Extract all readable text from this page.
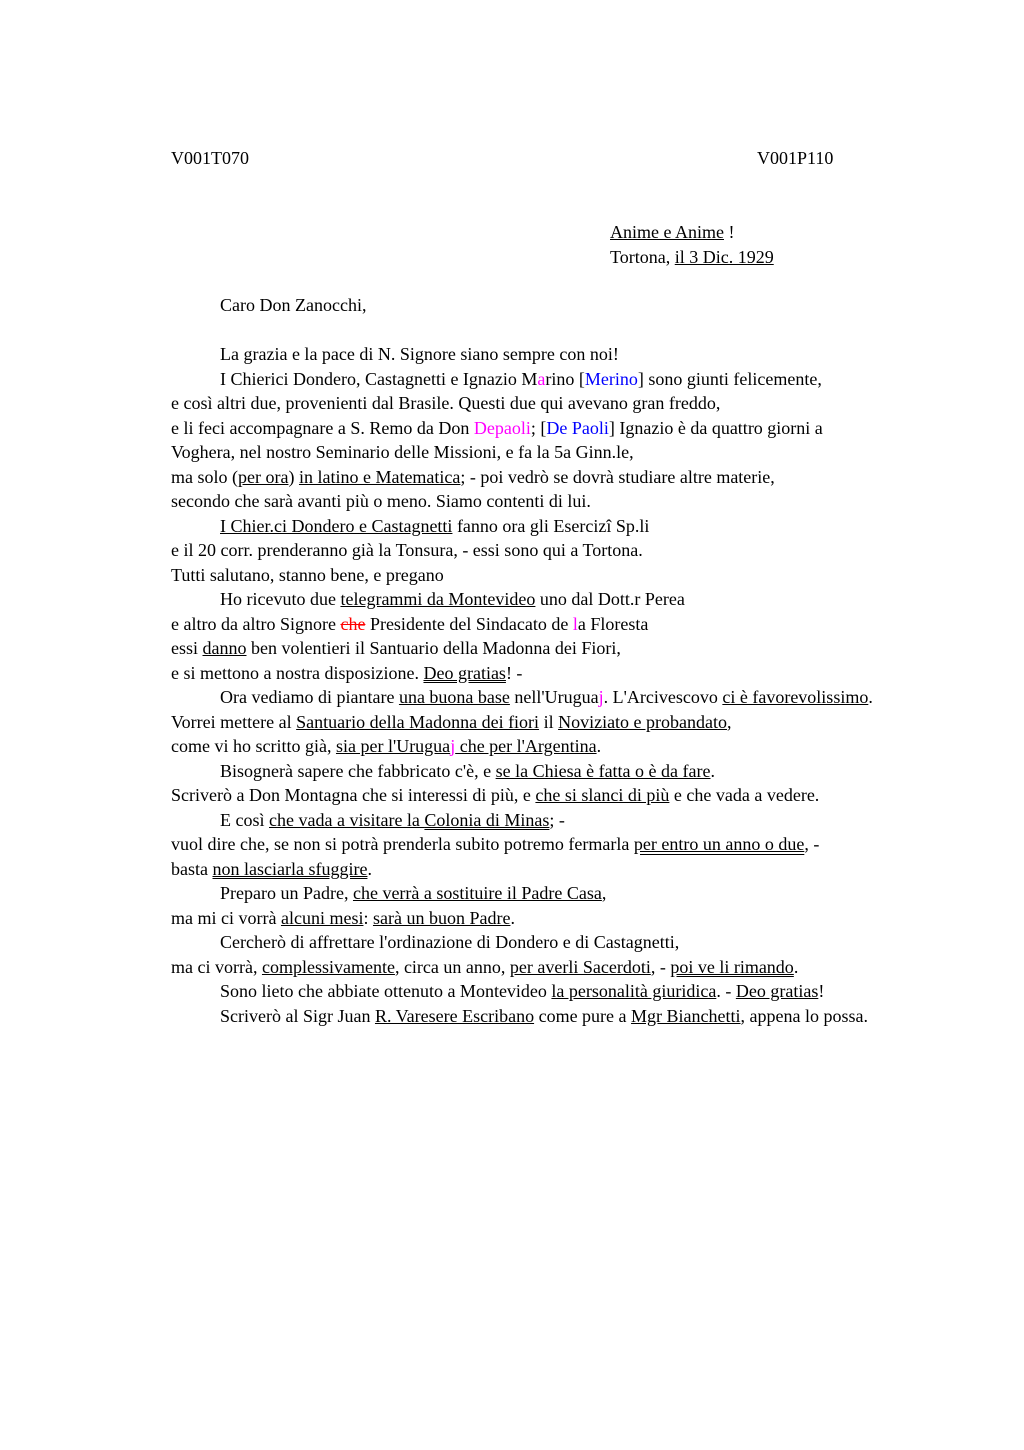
V001T070	V001P110
Anime e Anime !
Tortona, il 3 Dic. 1929

Caro Don Zanocchi,

La grazia e la pace di N. Signore siano sempre con noi!

I Chierici Dondero, Castagnetti e Ignazio Marino [Merino] sono giunti felicemente,

e così altri due, provenienti dal Brasile. Questi due qui avevano gran freddo,

e li feci accompagnare a S. Remo da Don Depaoli; [De Paoli] Ignazio è da quattro giorni a

Voghera, nel nostro Seminario delle Missioni, e fa la 5a Ginn.le,

ma solo (per ora) in latino e Matematica; - poi vedrò se dovrà studiare altre materie,

secondo che sarà avanti più o meno. Siamo contenti di lui.

I Chier.ci Dondero e Castagnetti fanno ora gli Esercizi Sp.li

e il 20 corr. prenderanno già la Tonsura, - essi sono qui a Tortona.

Tutti salutano, stanno bene, e pregano

Ho ricevuto due telegrammi da Montevideo uno dal Dott.r Perea

e altro da altro Signore che Presidente del Sindacato de la Floresta

essi danno ben volentieri il Santuario della Madonna dei Fiori,

e si mettono a nostra disposizione. Deo gratias! -

Ora vediamo di piantare una buona base nell'Uruguaj. L'Arcivescovo ci è favorevolissimo.

Vorrei mettere al Santuario della Madonna dei fiori il Noviziato e probandato,

come vi ho scritto già, sia per l'Uruguaj che per l'Argentina.

Bisognerà sapere che fabbricato c'è, e se la Chiesa è fatta o è da fare.

Scriverò a Don Montagna che si interessi di più, e che si slanci di più e che vada a vedere.

E così che vada a visitare la Colonia di Minas; -

vuol dire che, se non si potrà prenderla subito potremo fermarla per entro un anno o due, -

basta non lasciarla sfuggire.

Preparo un Padre, che verrà a sostituire il Padre Casa,

ma mi ci vorrà alcuni mesi: sarà un buon Padre.

Cercherò di affrettare l'ordinazione di Dondero e di Castagnetti,

ma ci vorrà, complessivamente, circa un anno, per averli Sacerdoti, - poi ve li rimando.

Sono lieto che abbiate ottenuto a Montevideo la personalità giuridica. - Deo gratias!

Scriverò al Sigr Juan R. Varesere Escribano come pure a Mgr Bianchetti, appena lo possa.
